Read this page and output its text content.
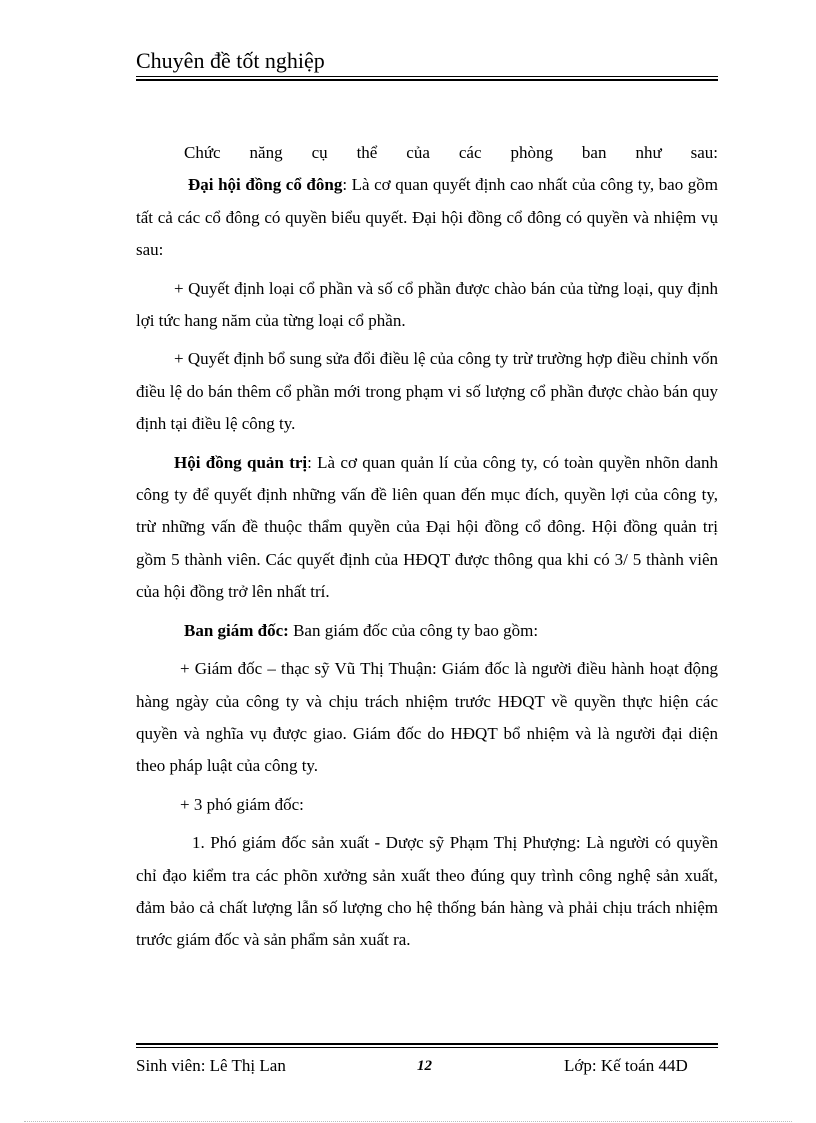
Chuyên đề tốt nghiệp

Chức năng cụ thể của các phòng ban như sau:

Đại hội đồng cổ đông: Là cơ quan quyết định cao nhất của công ty, bao gồm tất cả các cổ đông có quyền biểu quyết. Đại hội đồng cổ đông có quyền và nhiệm vụ sau:

+ Quyết định loại cổ phần và số cổ phần được chào bán của từng loại, quy định lợi tức hang năm của từng loại cổ phần.

+ Quyết định bổ sung sửa đổi điều lệ của công ty trừ trường hợp điều chỉnh vốn điều lệ do bán thêm cổ phần mới trong phạm vi số lượng cổ phần được chào bán quy định tại điều lệ công ty.

Hội đồng quản trị: Là cơ quan quản lí của công ty, có toàn quyền nhõn danh công ty để quyết định những vấn đề liên quan đến mục đích, quyền lợi của công ty, trừ những vấn đề thuộc thẩm quyền của Đại hội đồng cổ đông. Hội đồng quản trị gồm 5 thành viên. Các quyết định của HĐQT được thông qua khi có 3/ 5 thành viên của hội đồng trở lên nhất trí.

Ban giám đốc: Ban giám đốc của công ty bao gồm:

+ Giám đốc – thạc sỹ Vũ Thị Thuận: Giám đốc là người điều hành hoạt động hàng ngày của công ty và chịu trách nhiệm trước HĐQT về quyền thực hiện các quyền và nghĩa vụ được giao. Giám đốc do HĐQT bổ nhiệm và là người đại diện theo pháp luật của công ty.

+ 3 phó giám đốc:

1. Phó giám đốc sản xuất - Dược sỹ Phạm Thị Phượng: Là người có quyền chỉ đạo kiểm tra các phõn xưởng sản xuất theo đúng quy trình công nghệ sản xuất, đảm bảo cả chất lượng lẫn số lượng cho hệ thống bán hàng và phải chịu trách nhiệm trước giám đốc và sản phẩm sản xuất ra.

Sinh viên: Lê Thị Lan	12	Lớp: Kế toán 44D
